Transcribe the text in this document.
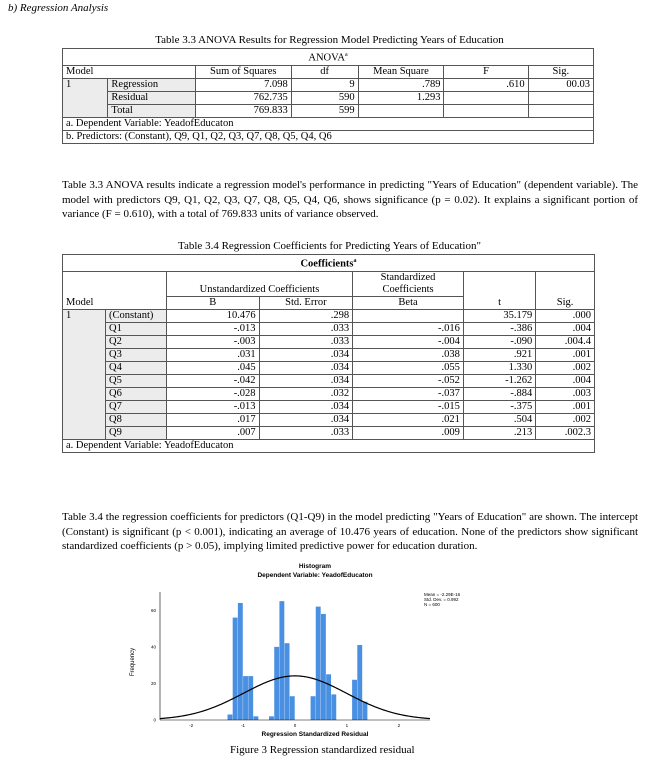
b) Regression Analysis
Table 3.3 ANOVA Results for Regression Model Predicting Years of Education
ANOVA$^a$
Model		Sum of Squares	df	Mean Square	F	Sig.
1	Regression	7.098	9	.789	.610	00.03
	Residual	762.735	590	1.293		
	Total	769.833	599			
a. Dependent Variable: YeadofEducaton						
b. Predictors: (Constant), Q9, Q1, Q2, Q3, Q7, Q8, Q5, Q4, Q6						
Table 3.3 ANOVA results indicate a regression model's performance in predicting "Years of Education" (dependent variable). The model with predictors Q9, Q1, Q2, Q3, Q7, Q8, Q5, Q4, Q6, shows significance (p = 0.02). It explains a significant portion of variance (F = 0.610), with a total of 769.833 units of variance observed.
Table 3.4 Regression Coefficients for Predicting Years of Education"
Coefficients$^a$
		Unstandardized Coefficients		Standardized		
				Coefficients		
Model		B	Std. Error	Beta	t	Sig.
1	(Constant)	10.476	.298		35.179	.000
	Q1	-.013	.033	-.016	-.386	.004
	Q2	-.003	.033	-.004	-.090	.004.4
	Q3	.031	.034	.038	.921	.001
	Q4	.045	.034	.055	1.330	.002
	Q5	-.042	.034	-.052	-1.262	.004
	Q6	-.028	.032	-.037	-.884	.003
	Q7	-.013	.034	-.015	-.375	.001
	Q8	.017	.034	.021	.504	.002
	Q9	.007	.033	.009	.213	.002.3
a. Dependent Variable: YeadofEducaton						
Table 3.4 the regression coefficients for predictors (Q1-Q9) in the model predicting "Years of Education" are shown. The intercept (Constant) is significant (p < 0.001), indicating an average of 10.476 years of education. None of the predictors show significant standardized coefficients (p > 0.05), implying limited predictive power for education duration.
Histogram
Dependent Variable: YeadofEducaton
0
20
40
60
-2	-1	0	1	2
Frequency
Mean = -2.29E-16
Std. Dev. = 0.992
N = 600
Regression Standardized Residual
Figure 3 Regression standardized residual
